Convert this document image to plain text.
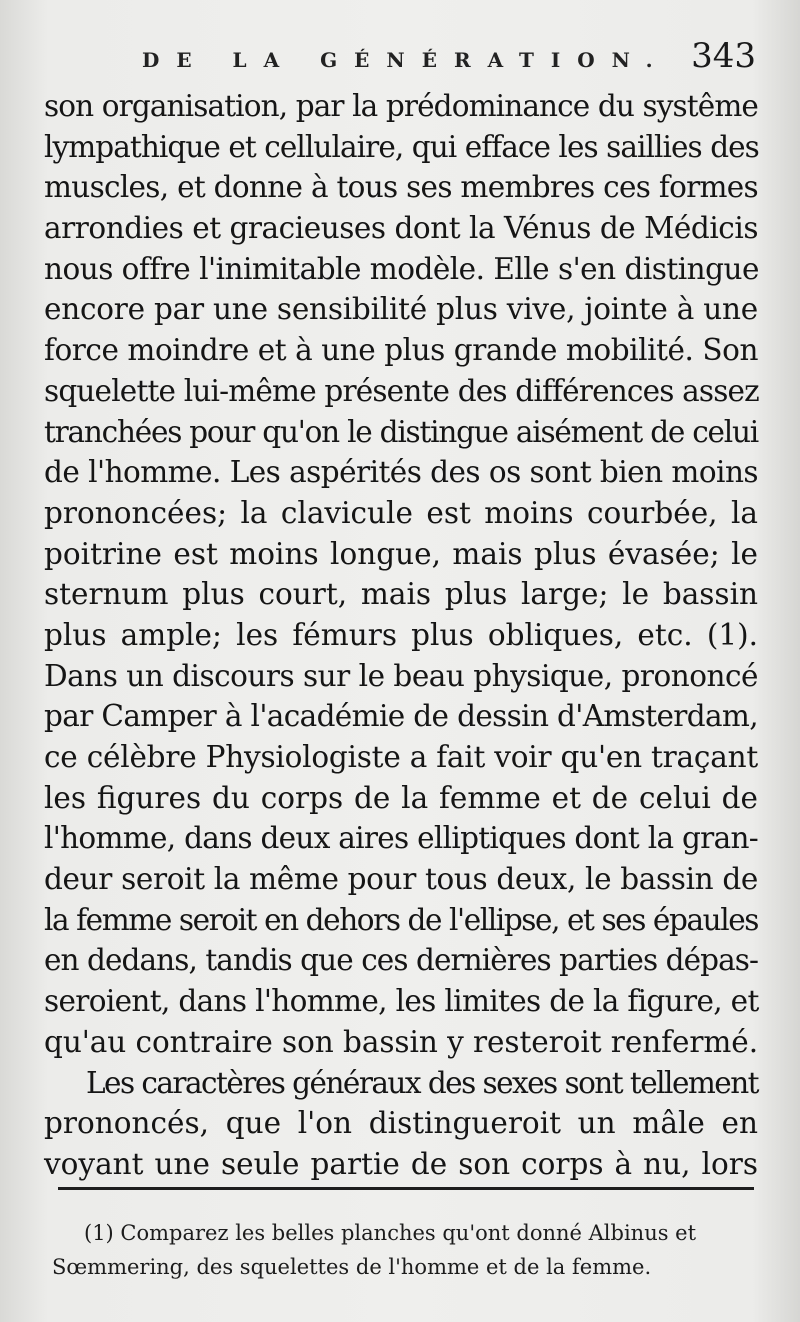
DE LA GÉNÉRATION. 343
son organisation, par la prédominance du systême
lympathique et cellulaire, qui efface les saillies des
muscles, et donne à tous ses membres ces formes
arrondies et gracieuses dont la Vénus de Médicis
nous offre l'inimitable modèle. Elle s'en distingue
encore par une sensibilité plus vive, jointe à une
force moindre et à une plus grande mobilité. Son
squelette lui-même présente des différences assez
tranchées pour qu'on le distingue aisément de celui
de l'homme. Les aspérités des os sont bien moins
prononcées; la clavicule est moins courbée, la
poitrine est moins longue, mais plus évasée; le
sternum plus court, mais plus large; le bassin
plus ample; les fémurs plus obliques, etc. (1).
Dans un discours sur le beau physique, prononcé
par Camper à l'académie de dessin d'Amsterdam,
ce célèbre Physiologiste a fait voir qu'en traçant
les figures du corps de la femme et de celui de
l'homme, dans deux aires elliptiques dont la gran-
deur seroit la même pour tous deux, le bassin de
la femme seroit en dehors de l'ellipse, et ses épaules
en dedans, tandis que ces dernières parties dépas-
seroient, dans l'homme, les limites de la figure, et
qu'au contraire son bassin y resteroit renfermé.
Les caractères généraux des sexes sont tellement
prononcés, que l'on distingueroit un mâle en
voyant une seule partie de son corps à nu, lors
(1) Comparez les belles planches qu'ont donné Albinus et
Sœmmering, des squelettes de l'homme et de la femme.
